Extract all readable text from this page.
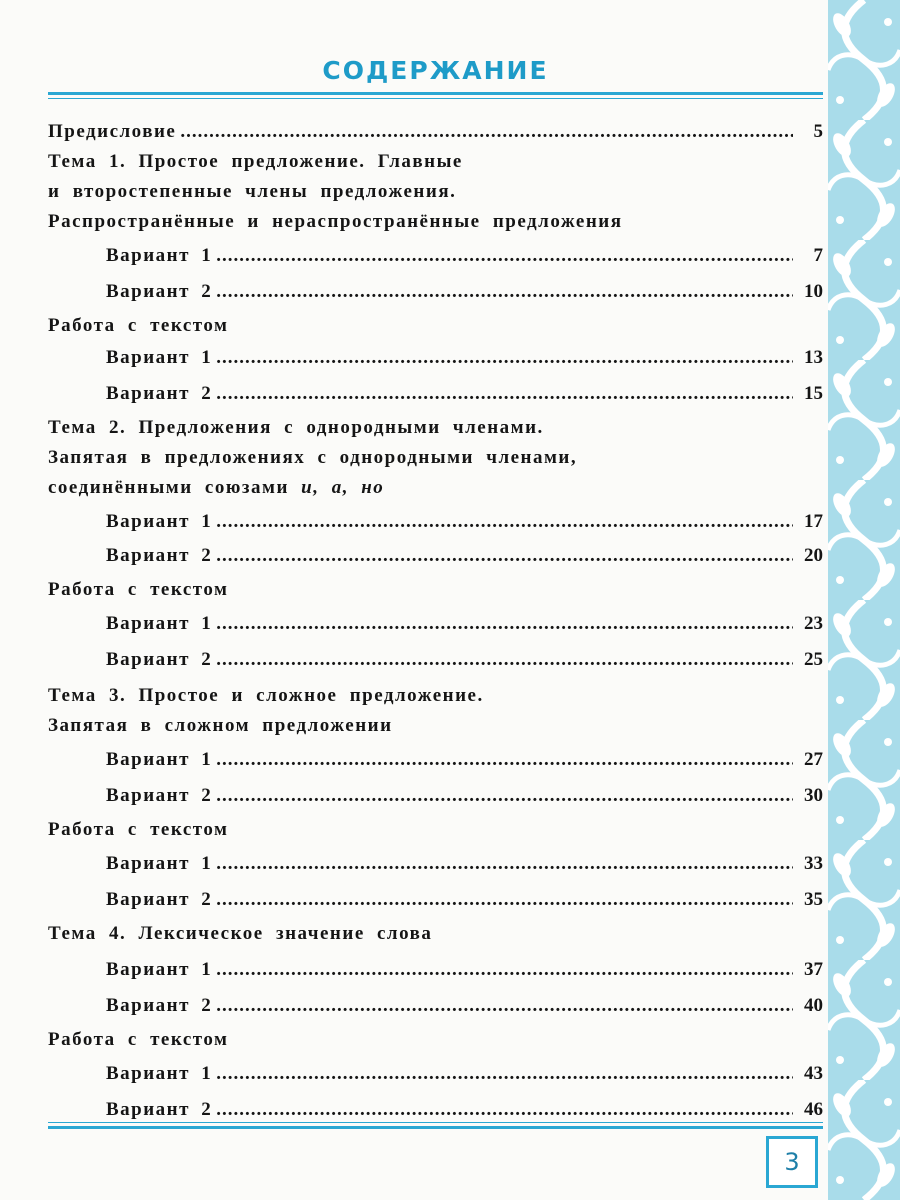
СОДЕРЖАНИЕ
Предисловие .....	5
Тема 1. Простое предложение. Главные
и второстепенные члены предложения.
Распространённые и нераспространённые предложения
Вариант 1 .....	7
Вариант 2 .....	10
Работа с текстом
Вариант 1 .....	13
Вариант 2 .....	15
Тема 2. Предложения с однородными членами.
Запятая в предложениях с однородными членами,
соединёнными союзами и, а, но
Вариант 1 .....	17
Вариант 2 .....	20
Работа с текстом
Вариант 1 .....	23
Вариант 2 .....	25
Тема 3. Простое и сложное предложение.
Запятая в сложном предложении
Вариант 1 .....	27
Вариант 2 .....	30
Работа с текстом
Вариант 1 .....	33
Вариант 2 .....	35
Тема 4. Лексическое значение слова
Вариант 1 .....	37
Вариант 2 .....	40
Работа с текстом
Вариант 1 .....	43
Вариант 2 .....	46
3
